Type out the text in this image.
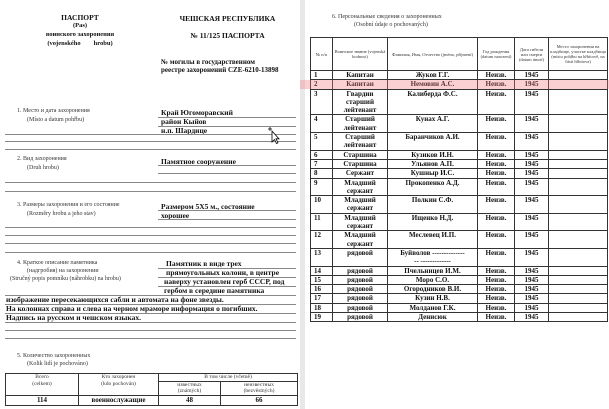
ПАСПОРТ
(Pas)
воинского захоронения
(vojenského        hrobu)
ЧЕШСКАЯ РЕСПУБЛИКА
№ 11/125 ПАСПОРТА
№ могилы в государственном
реестре захоронений CZE-6210-13898
1. Место и дата захоронения
(Místo a datum pohřbu)
Край Югоморавский
район Кыйов
н.п. Шардице
2. Вид захоронения
(Druh hrobu)
Памятное сооружение
3. Размеры захоронения и его состояние
(Rozměry hrobu a jeho stav)
Размером 5Х5 м., состояние
хорошее
4. Краткое описание памятника
(надгробия) на захоронении
(Stručný popis pomníku (náhrobku) na hrobu)
Памятник в виде трех
прямоугольных колонн, в центре
наверху установлен герб СССР, под
гербом в середине памятника
изображение пересекающихся сабли и автомата на фоне звезды.
На колоннах справа и слева на черном мраморе информация о погибших.
Надпись на русском и чешском языках.
5. Количество захороненных
(Kolik lidí je pochováno)
Всего
(celkem)	Кто захоронен
(kdo pochován)	В том числе (včetně)	
		известных
(známých)	неизвестных
(bezvěstných)
114	военнослужащие	48	66
6. Персональные сведения о захороненных
(Osobní údaje o pochovaných)
№ п/п	Воинское звание (vojenská hodnost)	Фамилия, Имя, Отчество (jméno, příjmení)	Год рождения (datum narození)	Дата гибели или смерти (datum úmrtí)	Место захоронения на кладбище, участке кладбища (místo pohřbu na hřbitově, na části hřbitova)
1	Капитан	Жуков Г.Г.	Неизв.	1945	
2	Капитан	Немовин А.С.	Неизв.	1945	
3	Гвардии старший лейтенант	Калиберда Ф.С.	Неизв.	1945	
4	Старший лейтенант	Кунах А.Г.	Неизв.	1945	
5	Старший лейтенант	Баранчиков А.И.	Неизв.	1945	
6	Старшина	Кузиков И.Н.	Неизв.	1945	
7	Старшина	Ульянов А.П.	Неизв.	1945	
8	Сержант	Кушныр И.С.	Неизв.	1945	
9	Младший сержант	Прокопенко А.Д.	Неизв.	1945	
10	Младший сержант	Полкин С.Ф.	Неизв.	1945	
11	Младший сержант	Ищенко Н.Д.	Неизв.	1945	
12	Младший сержант	Меслевец И.П.	Неизв.	1945	
13	рядовой	Буйволов ---------------- -------------	Неизв.	1945	
14	рядовой	Пчельницев И.М.	Неизв.	1945	
15	рядовой	Моро С.О.	Неизв.	1945	
16	рядовой	Огородников В.И.	Неизв.	1945	
17	рядовой	Кузин Н.В.	Неизв.	1945	
18	рядовой	Молданов Г.К.	Неизв.	1945	
19	рядовой	Денисюк	Неизв.	1945	
